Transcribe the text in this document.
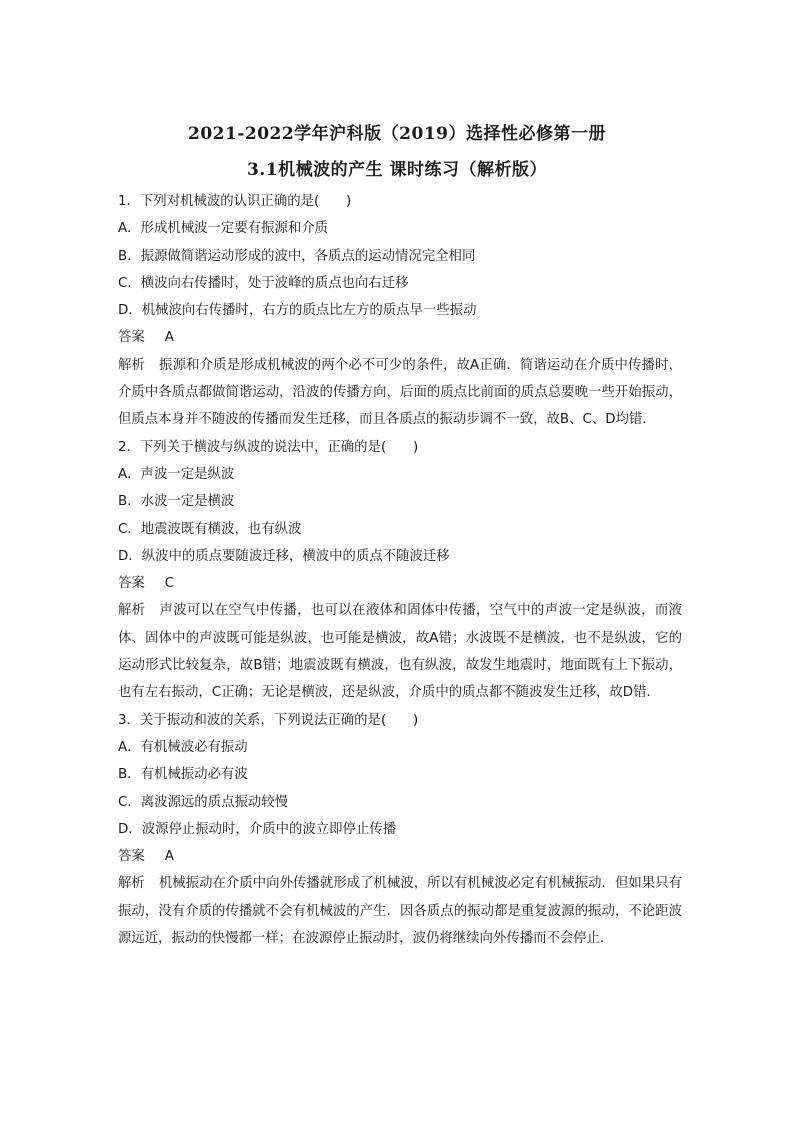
2021-2022学年沪科版（2019）选择性必修第一册
3.1机械波的产生 课时练习（解析版）
1．下列对机械波的认识正确的是(　　)
A．形成机械波一定要有振源和介质
B．振源做简谐运动形成的波中，各质点的运动情况完全相同
C．横波向右传播时，处于波峰的质点也向右迁移
D．机械波向右传播时，右方的质点比左方的质点早一些振动
答案 A
解析 振源和介质是形成机械波的两个必不可少的条件，故A正确．简谐运动在介质中传播时，介质中各质点都做简谐运动，沿波的传播方向，后面的质点比前面的质点总要晚一些开始振动，但质点本身并不随波的传播而发生迁移，而且各质点的振动步调不一致，故B、C、D均错．
2．下列关于横波与纵波的说法中，正确的是(　　)
A．声波一定是纵波
B．水波一定是横波
C．地震波既有横波，也有纵波
D．纵波中的质点要随波迁移，横波中的质点不随波迁移
答案 C
解析 声波可以在空气中传播，也可以在液体和固体中传播，空气中的声波一定是纵波，而液体、固体中的声波既可能是纵波，也可能是横波，故A错；水波既不是横波，也不是纵波，它的运动形式比较复杂，故B错；地震波既有横波，也有纵波，故发生地震时，地面既有上下振动，也有左右振动，C正确；无论是横波，还是纵波，介质中的质点都不随波发生迁移，故D错．
3．关于振动和波的关系，下列说法正确的是(　　)
A．有机械波必有振动
B．有机械振动必有波
C．离波源远的质点振动较慢
D．波源停止振动时，介质中的波立即停止传播
答案 A
解析 机械振动在介质中向外传播就形成了机械波，所以有机械波必定有机械振动．但如果只有振动，没有介质的传播就不会有机械波的产生．因各质点的振动都是重复波源的振动，不论距波源远近，振动的快慢都一样；在波源停止振动时，波仍将继续向外传播而不会停止．
